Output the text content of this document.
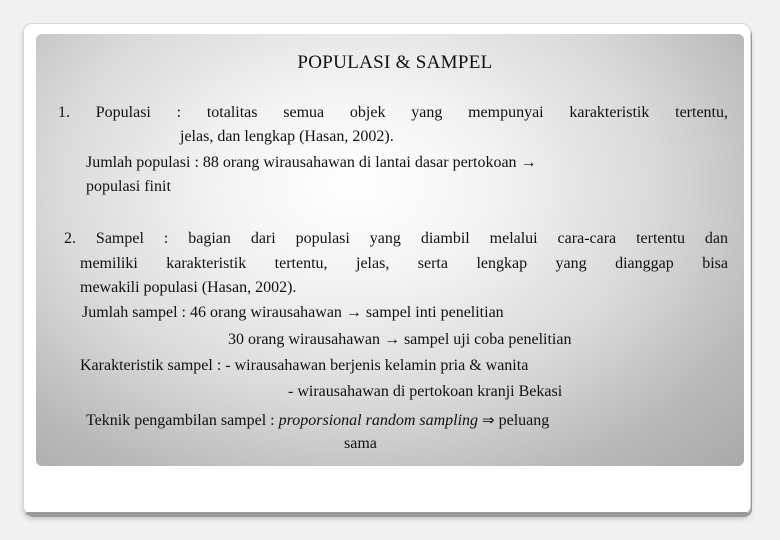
POPULASI & SAMPEL
1. Populasi : totalitas semua objek yang mempunyai karakteristik tertentu,
jelas, dan lengkap (Hasan, 2002).
Jumlah populasi : 88 orang wirausahawan di lantai dasar pertokoan →
populasi finit
2. Sampel : bagian dari populasi yang diambil melalui cara-cara tertentu dan
memiliki karakteristik tertentu, jelas, serta lengkap yang dianggap bisa
mewakili populasi (Hasan, 2002).
Jumlah sampel : 46 orang wirausahawan → sampel inti penelitian
30 orang wirausahawan → sampel uji coba penelitian
Karakteristik sampel : - wirausahawan berjenis kelamin pria & wanita
- wirausahawan di pertokoan kranji Bekasi
Teknik pengambilan sampel : proporsional random sampling ⇒ peluang
sama
